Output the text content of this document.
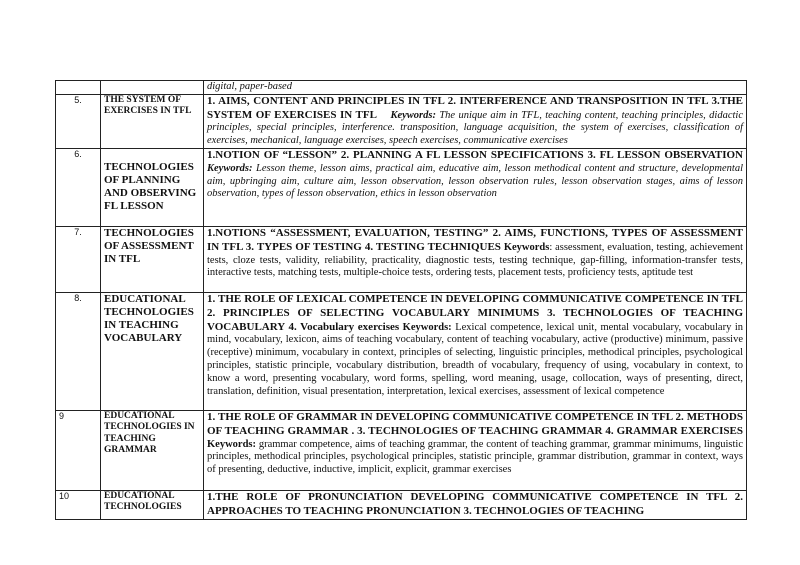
		digital, paper-based
5.	THE SYSTEM OF EXERCISES IN TFL	1. AIMS, CONTENT AND PRINCIPLES IN TFL 2. INTERFERENCE AND TRANSPOSITION IN TFL 3.THE SYSTEM OF EXERCISES IN TFL Keywords: The unique aim in TFL, teaching content, teaching principles, didactic principles, special principles, interference. transposition, language acquisition, the system of exercises, classification of exercises, mechanical, language exercises, speech exercises, communicative exercises
6.	TECHNOLOGIES OF PLANNING AND OBSERVING FL LESSON	1.NOTION OF “LESSON” 2. PLANNING A FL LESSON SPECIFICATIONS 3. FL LESSON OBSERVATION Keywords: Lesson theme, lesson aims, practical aim, educative aim, lesson methodical content and structure, developmental aim, upbringing aim, culture aim, lesson observation, lesson observation rules, lesson observation stages, aims of lesson observation, types of lesson observation, ethics in lesson observation
7.	TECHNOLOGIES OF ASSESSMENT IN TFL	1.NOTIONS “ASSESSMENT, EVALUATION, TESTING” 2. AIMS, FUNCTIONS, TYPES OF ASSESSMENT IN TFL 3. TYPES OF TESTING 4. TESTING TECHNIQUES Keywords: assessment, evaluation, testing, achievement tests, cloze tests, validity, reliability, practicality, diagnostic tests, testing technique, gap-filling, information-transfer tests, interactive tests, matching tests, multiple-choice tests, ordering tests, placement tests, proficiency tests, aptitude test
8.	EDUCATIONAL TECHNOLOGIES IN TEACHING VOCABULARY	1. THE ROLE OF LEXICAL COMPETENCE IN DEVELOPING COMMUNICATIVE COMPETENCE IN TFL 2. PRINCIPLES OF SELECTING VOCABULARY MINIMUMS 3. TECHNOLOGIES OF TEACHING VOCABULARY 4. Vocabulary exercises Keywords: Lexical competence, lexical unit, mental vocabulary, vocabulary in mind, vocabulary, lexicon, aims of teaching vocabulary, content of teaching vocabulary, active (productive) minimum, passive (receptive) minimum, vocabulary in context, principles of selecting, linguistic principles, methodical principles, psychological principles, statistic principle, vocabulary distribution, breadth of vocabulary, frequency of using, vocabulary in context, to know a word, presenting vocabulary, word forms, spelling, word meaning, usage, collocation, ways of presenting, direct, translation, definition, visual presentation, interpretation, lexical exercises, assessment of lexical competence
9	EDUCATIONAL TECHNOLOGIES IN TEACHING GRAMMAR	1. THE ROLE OF GRAMMAR IN DEVELOPING COMMUNICATIVE COMPETENCE IN TFL 2. METHODS OF TEACHING GRAMMAR . 3. TECHNOLOGIES OF TEACHING GRAMMAR 4. GRAMMAR EXERCISES Keywords: grammar competence, aims of teaching grammar, the content of teaching grammar, grammar minimums, linguistic principles, methodical principles, psychological principles, statistic principle, grammar distribution, grammar in context, ways of presenting, deductive, inductive, implicit, explicit, grammar exercises
10	EDUCATIONAL TECHNOLOGIES	1.THE ROLE OF PRONUNCIATION DEVELOPING COMMUNICATIVE COMPETENCE IN TFL 2. APPROACHES TO TEACHING PRONUNCIATION 3. TECHNOLOGIES OF TEACHING
